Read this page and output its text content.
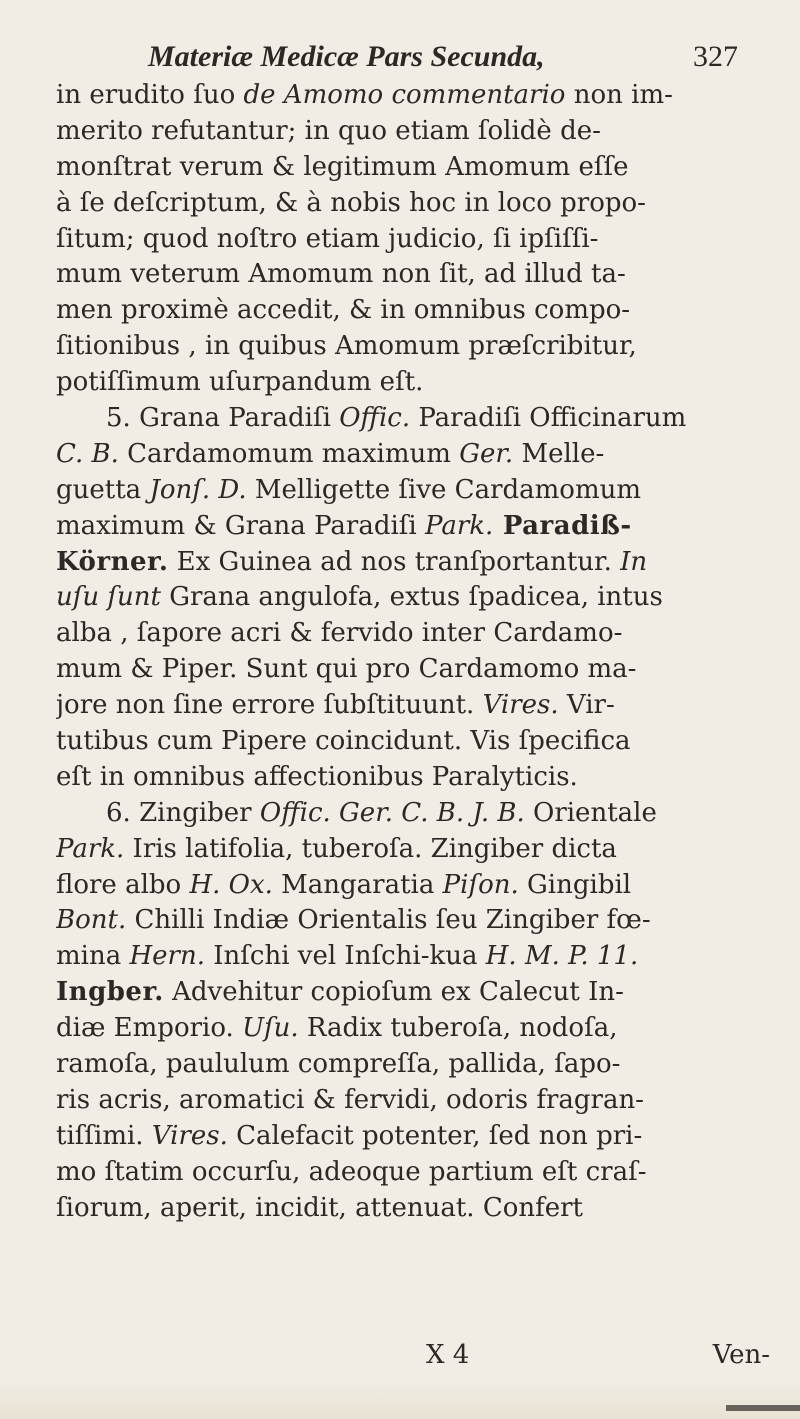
Materiæ Medicæ Pars Secunda,	327
in erudito ſuo de Amomo commentario non im-
merito refutantur; in quo etiam ſolidè de-
monſtrat verum & legitimum Amomum eſſe
à ſe deſcriptum, & à nobis hoc in loco propo-
ſitum; quod noſtro etiam judicio, ſi ipſiſſi-
mum veterum Amomum non ſit, ad illud ta-
men proximè accedit, & in omnibus compo-
ſitionibus , in quibus Amomum præſcribitur,
potiſſimum uſurpandum eſt.
5. Grana Paradiſi Offic. Paradiſi Officinarum
C. B. Cardamomum maximum Ger. Melle-
guetta Jonſ. D. Melligette ſive Cardamomum
maximum & Grana Paradiſi Park. Paradiß-
Körner. Ex Guinea ad nos tranſportantur. In
uſu ſunt Grana angulofa, extus ſpadicea, intus
alba , ſapore acri & fervido inter Cardamo-
mum & Piper. Sunt qui pro Cardamomo ma-
jore non ſine errore ſubſtituunt. Vires. Vir-
tutibus cum Pipere coincidunt. Vis ſpecifica
eſt in omnibus affectionibus Paralyticis.
6. Zingiber Offic. Ger. C. B. J. B. Orientale
Park. Iris latifolia, tuberoſa. Zingiber dicta
flore albo H. Ox. Mangaratia Piſon. Gingibil
Bont. Chilli Indiæ Orientalis ſeu Zingiber fœ-
mina Hern. Inſchi vel Inſchi-kua H. M. P. 11.
Ingber. Advehitur copioſum ex Calecut In-
diæ Emporio. Uſu. Radix tuberoſa, nodoſa,
ramoſa, paululum compreſſa, pallida, ſapo-
ris acris, aromatici & fervidi, odoris fragran-
tiſſimi. Vires. Calefacit potenter, ſed non pri-
mo ſtatim occurſu, adeoque partium eſt craſ-
ſiorum, aperit, incidit, attenuat. Confert
X 4	Ven-
